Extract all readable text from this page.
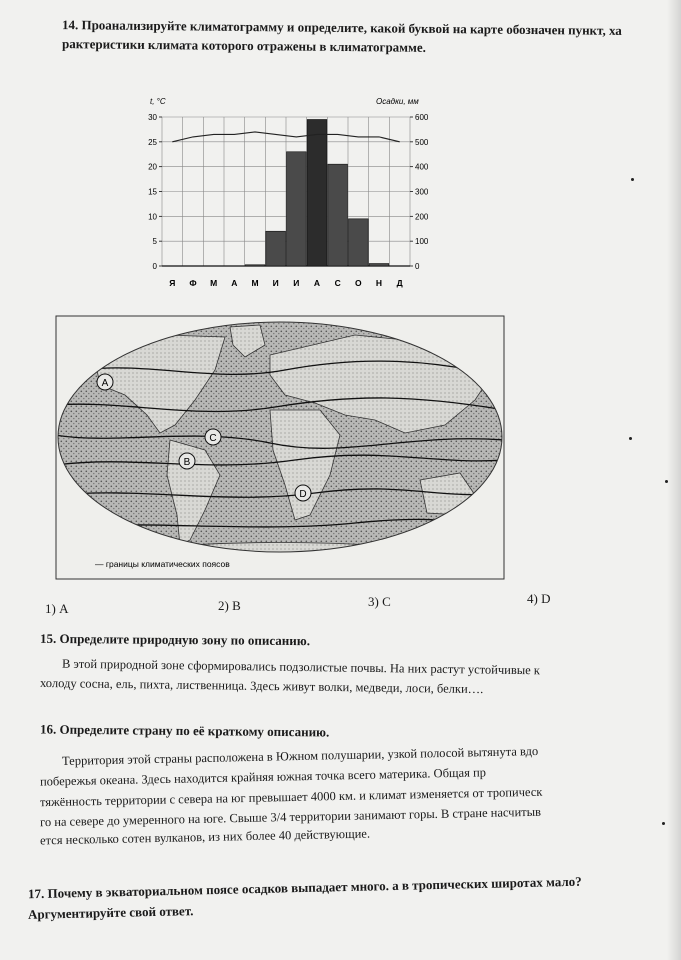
14. Проанализируйте климатограмму и определите, какой буквой на карте обозначен пункт, ха
рактеристики климата которого отражены в климатограмме.
t, °C	Осадки, мм
30
25
20
15
10
5
0
600
500
400
300
200
100
0
Я Ф М А М И И А С О Н Д
A
B
C
D
— границы климатических поясов
1) А	2) B	3) C	4) D
15. Определите природную зону по описанию.
В этой природной зоне сформировались подзолистые почвы. На них растут устойчивые к
холоду сосна, ель, пихта, лиственница. Здесь живут волки, медведи, лоси, белки….
16. Определите страну по её краткому описанию.
Территория этой страны расположена в Южном полушарии, узкой полосой вытянута вдо
побережья океана. Здесь находится крайняя южная точка всего материка. Общая пр
тяжённость территории с севера на юг превышает 4000 км. и климат изменяется от тропическ
го на севере до умеренного на юге. Свыше 3/4 территории занимают горы. В стране насчитыв
ется несколько сотен вулканов, из них более 40 действующие.
17. Почему в экваториальном поясе осадков выпадает много. а в тропических широтах мало?
Аргументируйте свой ответ.
